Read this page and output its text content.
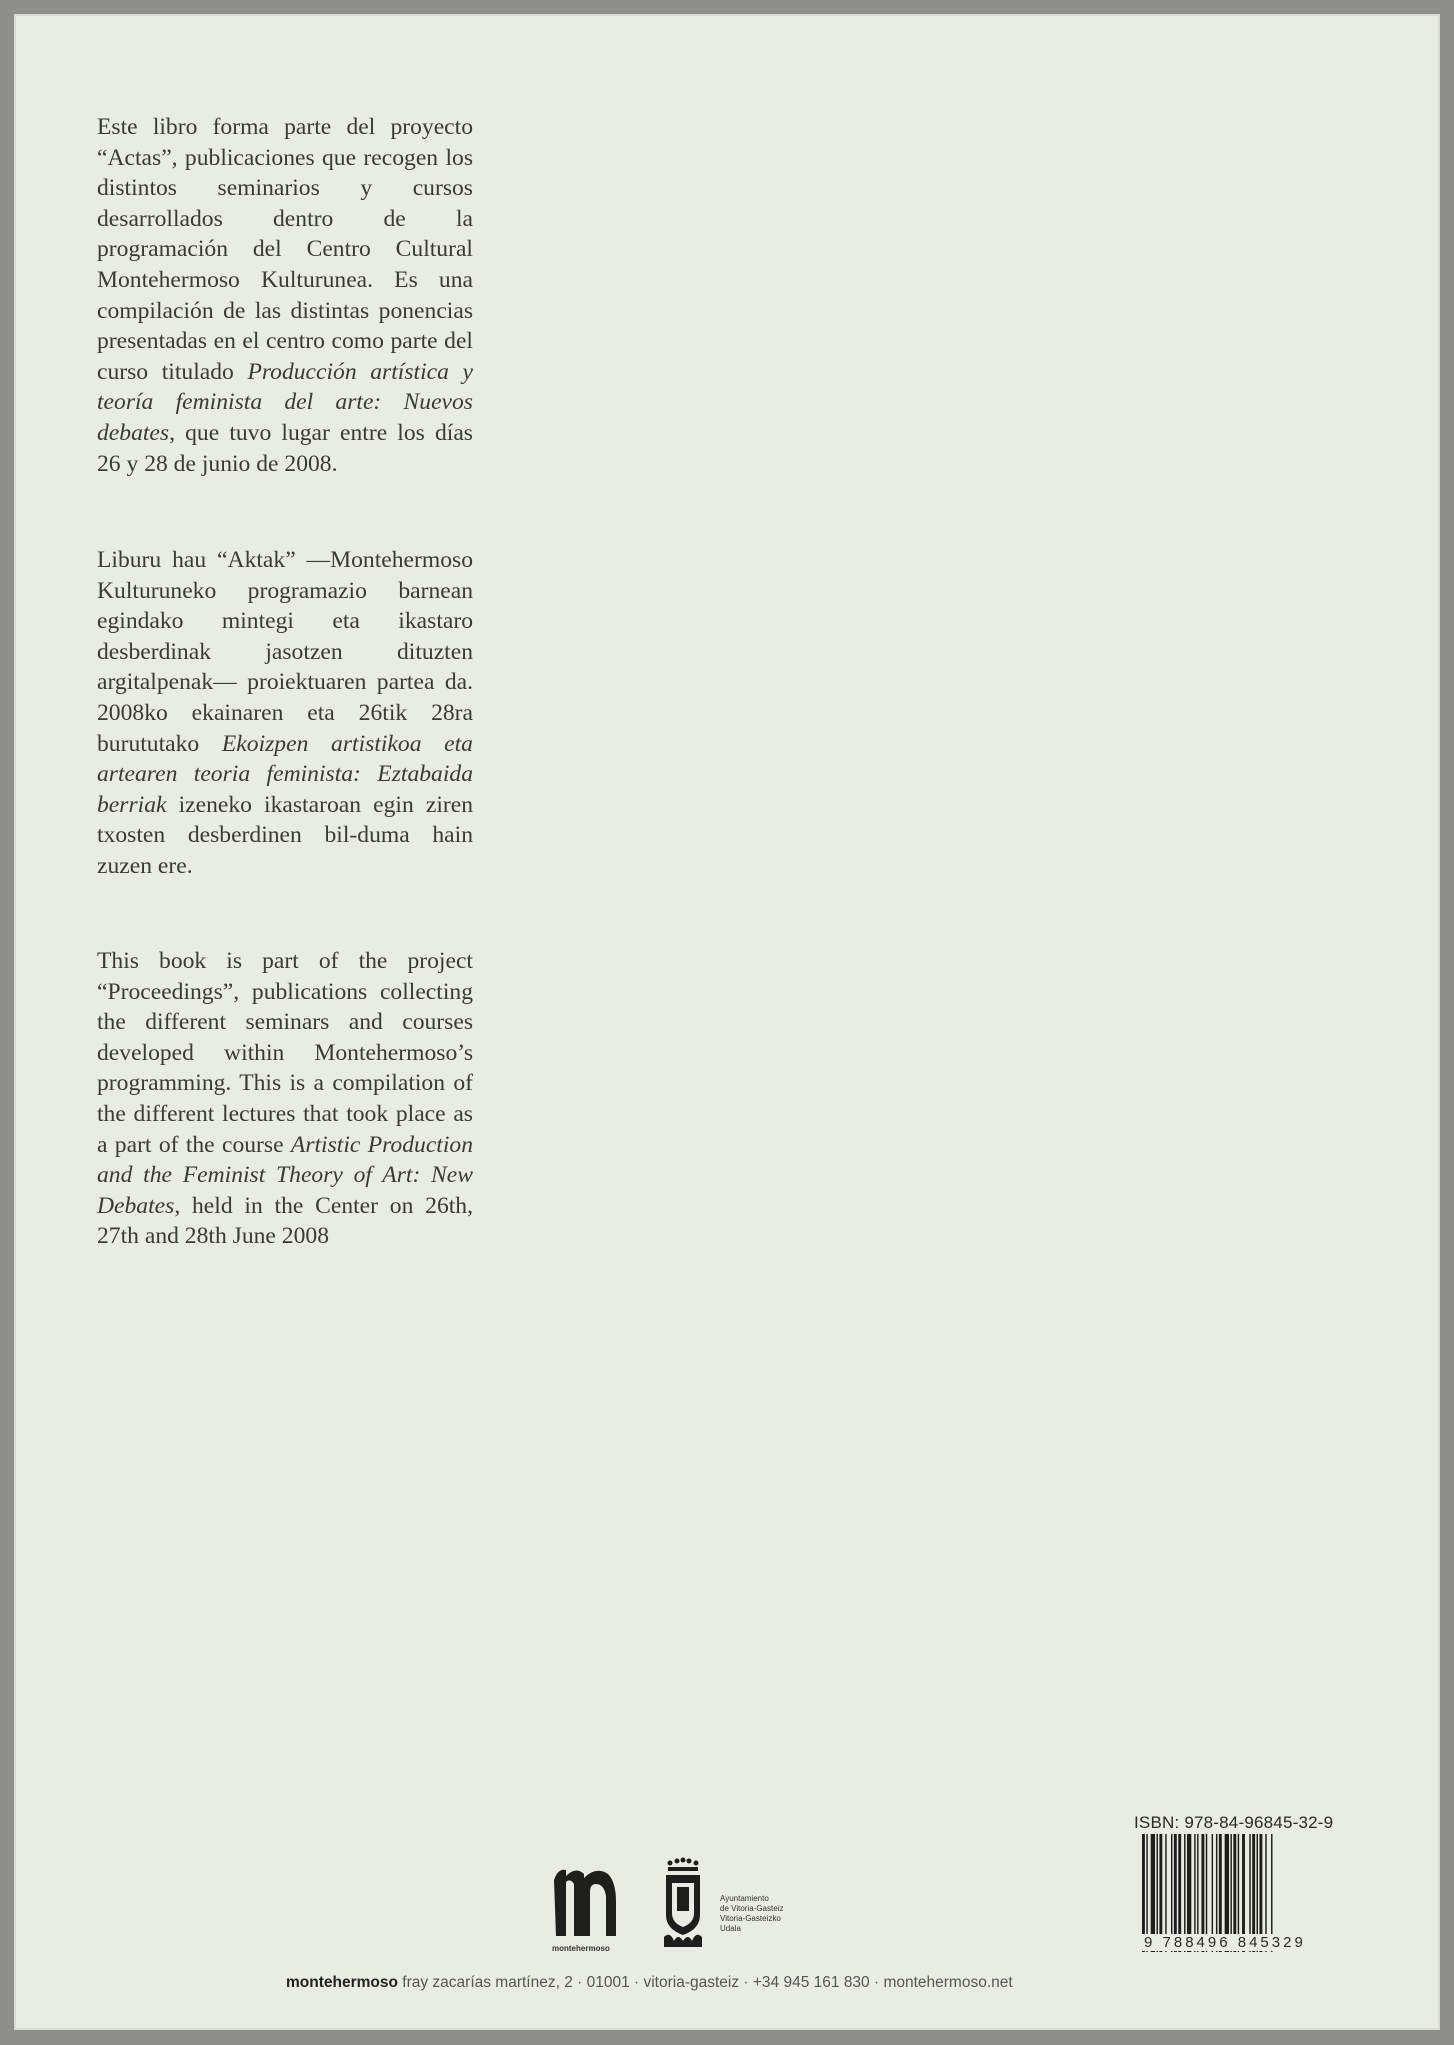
Este libro forma parte del proyecto “Actas”, publicaciones que recogen los distintos seminarios y cursos desarrollados dentro de la programación del Centro Cultural Montehermoso Kulturunea. Es una compilación de las distintas ponencias presentadas en el centro como parte del curso titulado Producción artística y teoría feminista del arte: Nuevos debates, que tuvo lugar entre los días 26 y 28 de junio de 2008.

Liburu hau “Aktak” —Montehermoso Kulturuneko programazio barnean egindako mintegi eta ikastaro desberdinak jasotzen dituzten argitalpenak— proiektuaren partea da. 2008ko ekainaren eta 26tik 28ra burututako Ekoizpen artistikoa eta artearen teoria feminista: Eztabaida berriak izeneko ikastaroan egin ziren txosten desberdinen bil-duma hain zuzen ere.

This book is part of the project “Proceedings”, publications collecting the different seminars and courses developed within Montehermoso’s programming. This is a compilation of the different lectures that took place as a part of the course Artistic Production and the Feminist Theory of Art: New Debates, held in the Center on 26th, 27th and 28th June 2008

ISBN: 978-84-96845-32-9
9 788496 845329
montehermoso
Ayuntamiento
de Vitoria-Gasteiz
Vitoria-Gasteizko
Udala
montehermoso fray zacarías martínez, 2 · 01001 · vitoria-gasteiz · +34 945 161 830 · montehermoso.net
